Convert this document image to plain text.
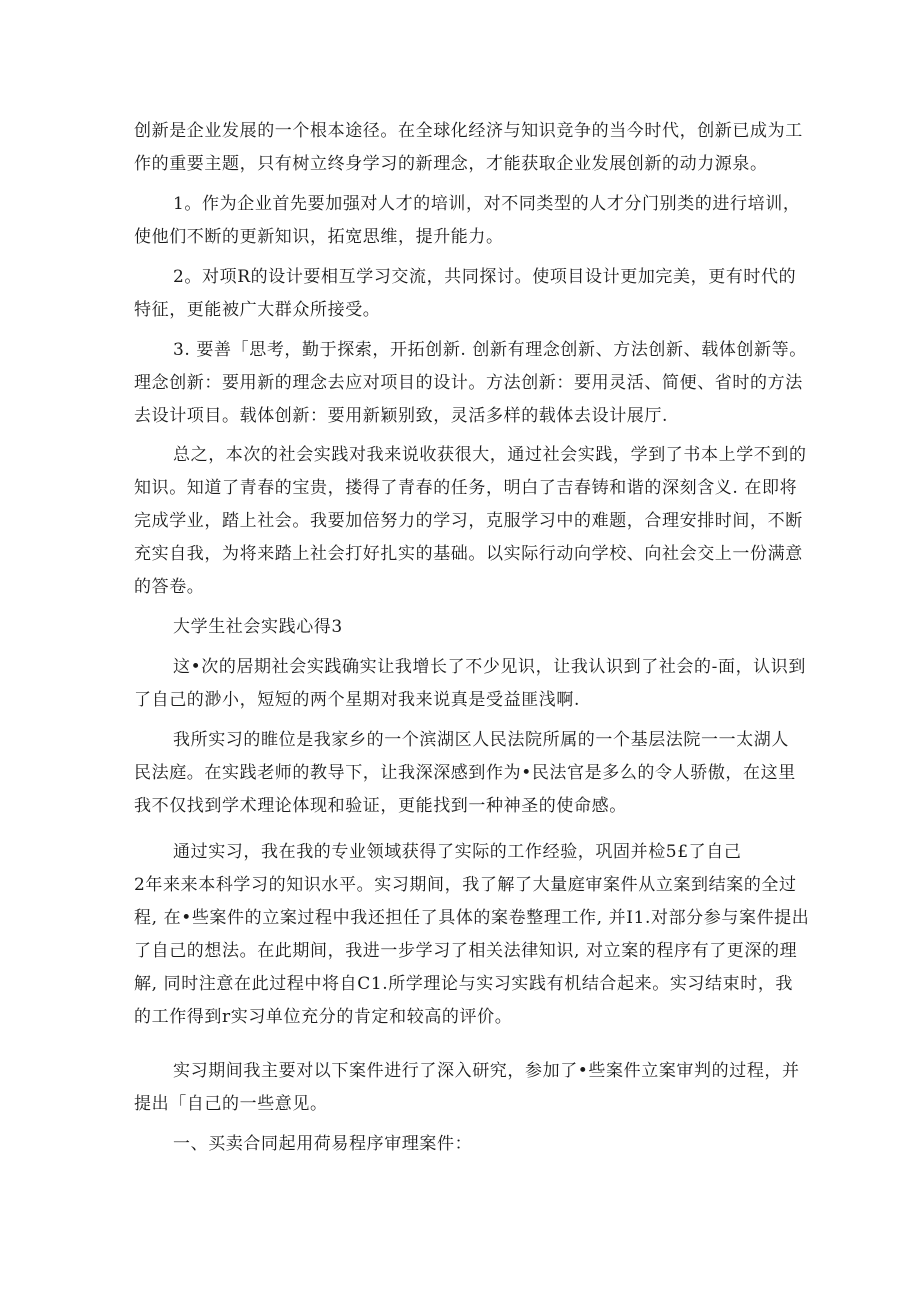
创新是企业发展的一个根本途径。在全球化经济与知识竞争的当今时代，创新已成为工
作的重要主题，只有树立终身学习的新理念，才能获取企业发展创新的动力源泉。
1。作为企业首先要加强对人才的培训，对不同类型的人才分门别类的进行培训，
使他们不断的更新知识，拓宽思维，提升能力。
2。对项R的设计要相互学习交流，共同探讨。使项目设计更加完美，更有时代的
特征，更能被广大群众所接受。
3. 要善「思考，勤于探索，开拓创新. 创新有理念创新、方法创新、载体创新等。
理念创新：要用新的理念去应对项目的设计。方法创新：要用灵活、简便、省时的方法
去设计项目。载体创新：要用新颖别致，灵活多样的载体去设计展厅.
总之，本次的社会实践对我来说收获很大，通过社会实践，学到了书本上学不到的
知识。知道了青春的宝贵，搂得了青春的任务，明白了吉春铸和谐的深刻含义. 在即将
完成学业，踏上社会。我要加倍努力的学习，克服学习中的难题，合理安排时间，不断
充实自我，为将来踏上社会打好扎实的基础。以实际行动向学校、向社会交上一份满意
的答卷。
大学生社会实践心得3
这•次的居期社会实践确实让我增长了不少见识，让我认识到了社会的-面，认识到
了自己的渺小，短短的两个星期对我来说真是受益匪浅啊.
我所实习的睢位是我家乡的一个滨湖区人民法院所属的一个基层法院一一太湖人
民法庭。在实践老师的教导下，让我深深感到作为•民法官是多么的令人骄傲，在这里
我不仅找到学术理论体现和验证，更能找到一种神圣的使命感。
通过实习，我在我的专业领域获得了实际的工作经验，巩固并检5£了自己
2年来来本科学习的知识水平。实习期间，我了解了大量庭审案件从立案到结案的全过
程, 在•些案件的立案过程中我还担任了具体的案卷整理工作, 并I1.对部分参与案件提出
了自己的想法。在此期间，我进一步学习了相关法律知识, 对立案的程序有了更深的理
解, 同时注意在此过程中将自C1.所学理论与实习实践有机结合起来。实习结束时，我
的工作得到r实习单位充分的肯定和较高的评价。
实习期间我主要对以下案件进行了深入研究，参加了•些案件立案审判的过程，并
提出「自己的一些意见。
一、买卖合同起用荷易程序审理案件：
